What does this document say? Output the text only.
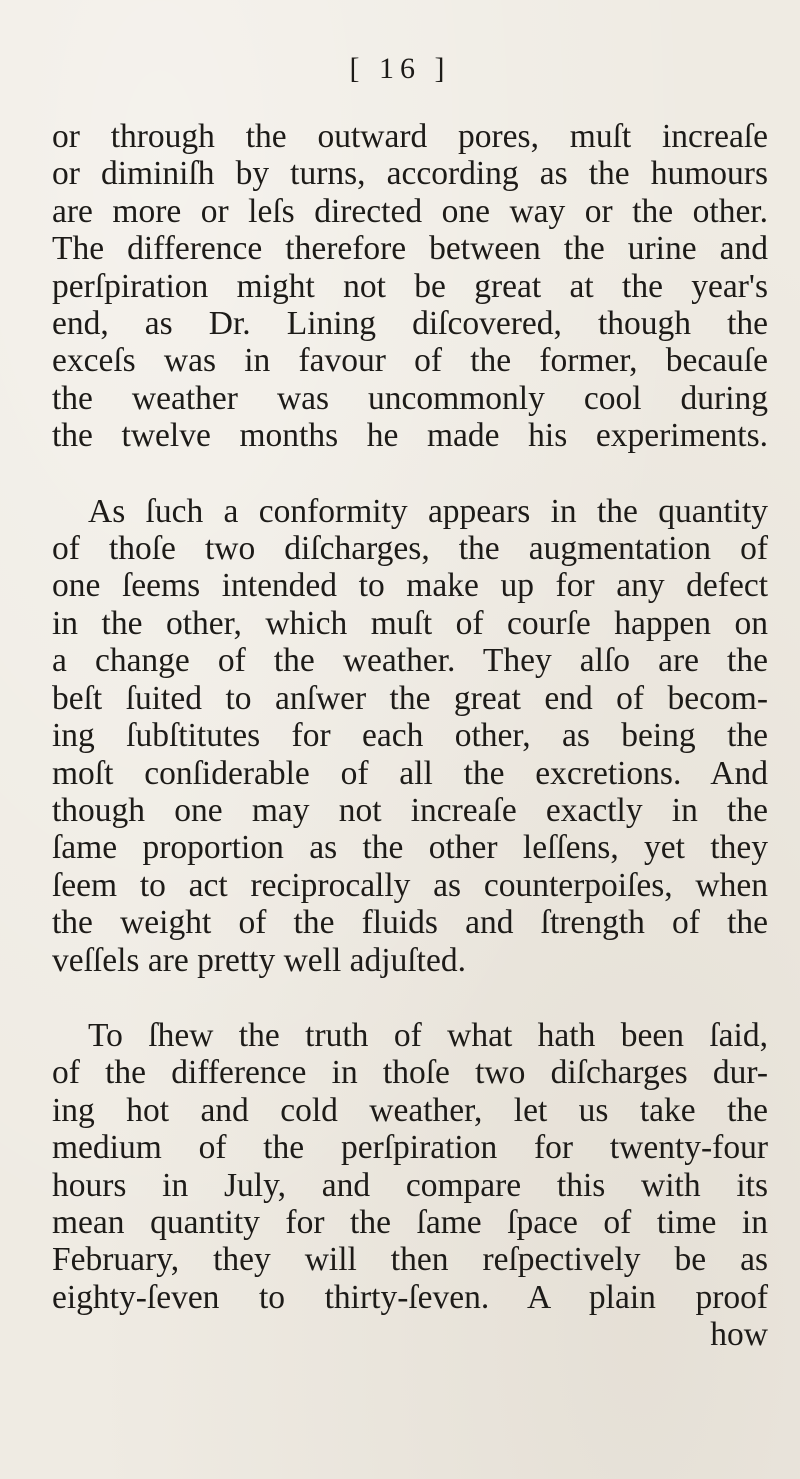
[ 16 ]
or through the outward pores, muſt increaſe
or diminiſh by turns, according as the humours
are more or leſs directed one way or the other.
The difference therefore between the urine and
perſpiration might not be great at the year's
end, as Dr. Lining diſcovered, though the
exceſs was in favour of the former, becauſe
the weather was uncommonly cool during
the twelve months he made his experiments.
As ſuch a conformity appears in the quantity
of thoſe two diſcharges, the augmentation of
one ſeems intended to make up for any defect
in the other, which muſt of courſe happen on
a change of the weather. They alſo are the
beſt ſuited to anſwer the great end of becom-
ing ſubſtitutes for each other, as being the
moſt conſiderable of all the excretions. And
though one may not increaſe exactly in the
ſame proportion as the other leſſens, yet they
ſeem to act reciprocally as counterpoiſes, when
the weight of the fluids and ſtrength of the
veſſels are pretty well adjuſted.
To ſhew the truth of what hath been ſaid,
of the difference in thoſe two diſcharges dur-
ing hot and cold weather, let us take the
medium of the perſpiration for twenty-four
hours in July, and compare this with its
mean quantity for the ſame ſpace of time in
February, they will then reſpectively be as
eighty-ſeven to thirty-ſeven. A plain proof
how
